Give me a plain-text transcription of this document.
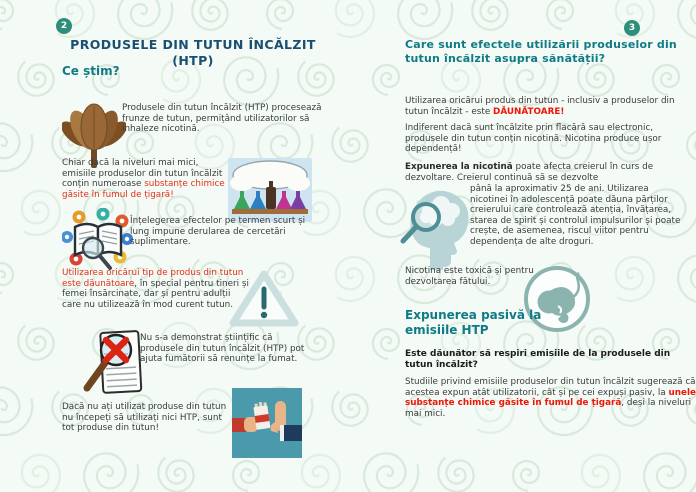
2
PRODUSELE DIN TUTUN ÎNCĂLZIT
(HTP)
Ce știm?
Produsele din tutun încălzit (HTP) procesează frunze de tutun, permițând utilizatorilor să inhaleze nicotină.
Chiar dacă la niveluri mai mici, emisiile produselor din tutun încălzit conțin numeroase substanțe chimice găsite în fumul de țigară!
Înțelegerea efectelor pe termen scurt și lung impune derularea de cercetări suplimentare.
Utilizarea oricărui tip de produs din tutun este dăunătoare, în special pentru tineri și femei însărcinate, dar și pentru adulții care nu utilizează în mod curent tutun.
Nu s-a demonstrat științific că produsele din tutun încălzit (HTP) pot ajuta fumătorii să renunțe la fumat.
Dacă nu ați utilizat produse din tutun nu începeți să utilizați nici HTP, sunt tot produse din tutun!
3
Care sunt efectele utilizării produselor din tutun încălzit asupra sănătății?
Utilizarea oricărui produs din tutun - inclusiv a produselor din tutun încălzit - este DĂUNĂTOARE!
Indiferent dacă sunt încălzite prin flacără sau electronic, produsele din tutun conțin nicotină. Nicotina produce ușor dependență!
Expunerea la nicotină poate afecta creierul în curs de dezvoltare. Creierul continuă să se dezvolte
până la aproximativ 25 de ani. Utilizarea nicotinei în adolescență poate dăuna părților creierului care controlează atenția, învățarea, starea de spirit și controlul impulsurilor și poate crește, de asemenea, riscul viitor pentru dependența de alte droguri.
Nicotina este toxică și pentru dezvoltarea fătului.
Expunerea pasivă la emisiile HTP
Este dăunător să respiri emisiile de la produsele din tutun încălzit?
Studiile privind emisiile produselor din tutun încălzit sugerează că acestea expun atât utilizatorii, cât și pe cei expuși pasiv, la unele substanțe chimice găsite în fumul de țigară, deși la niveluri mai mici.
